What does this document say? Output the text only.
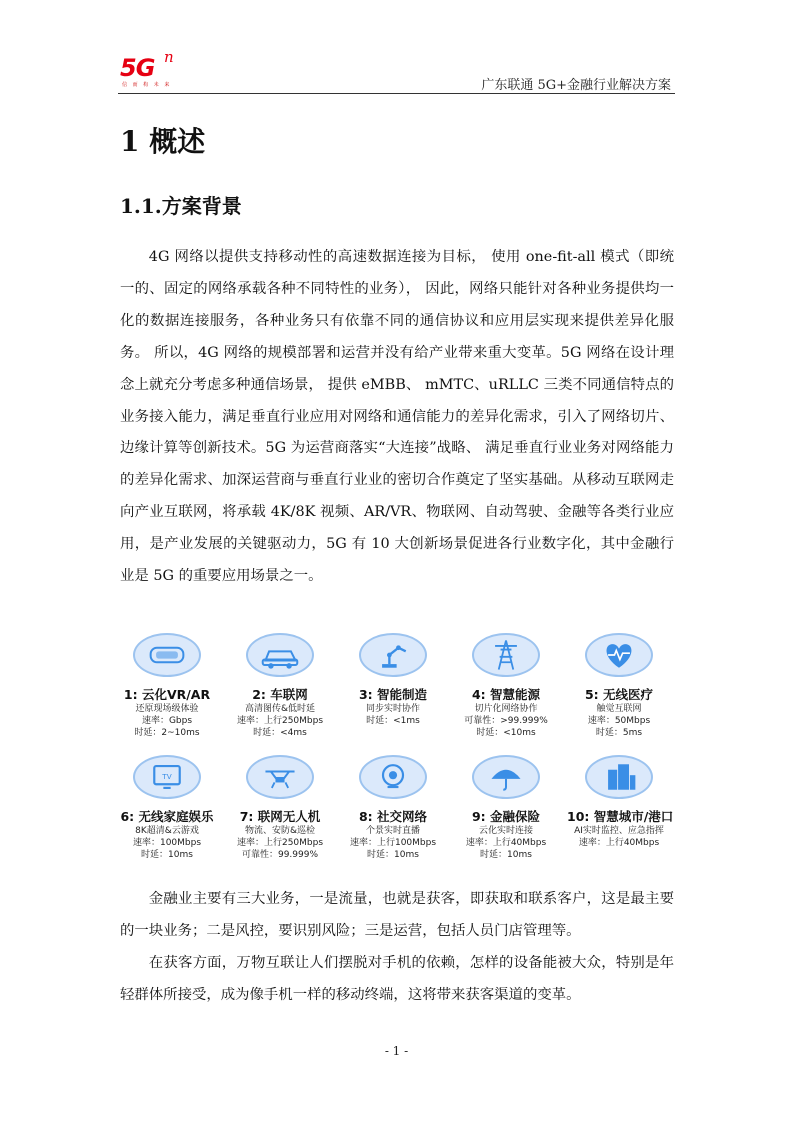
5G n
信 而 构 未 来	广东联通 5G+金融行业解决方案
1 概述
1.1.方案背景

4G 网络以提供支持移动性的高速数据连接为目标， 使用 one-fit-all 模式（即统一的、固定的网络承载各种不同特性的业务）， 因此，网络只能针对各种业务提供均一化的数据连接服务，各种业务只有依靠不同的通信协议和应用层实现来提供差异化服务。 所以，4G 网络的规模部署和运营并没有给产业带来重大变革。5G 网络在设计理念上就充分考虑多种通信场景， 提供 eMBB、 mMTC、uRLLC 三类不同通信特点的业务接入能力，满足垂直行业应用对网络和通信能力的差异化需求，引入了网络切片、 边缘计算等创新技术。5G 为运营商落实“大连接”战略、 满足垂直行业业务对网络能力的差异化需求、加深运营商与垂直行业业的密切合作奠定了坚实基础。从移动互联网走向产业互联网，将承载 4K/8K 视频、AR/VR、物联网、自动驾驶、金融等各类行业应用，是产业发展的关键驱动力，5G 有 10 大创新场景促进各行业数字化，其中金融行业是 5G 的重要应用场景之一。

1: 云化VR/AR
还原现场级体验
速率：Gbps
时延：2~10ms
2: 车联网
高清图传&低时延
速率：上行250Mbps
时延：<4ms
3: 智能制造
同步实时协作
时延：<1ms
4: 智慧能源
切片化网络协作
可靠性：>99.999%
时延：<10ms
5: 无线医疗
触觉互联网
速率：50Mbps
时延：5ms
TV
6: 无线家庭娱乐
8K超清&云游戏
速率：100Mbps
时延：10ms
7: 联网无人机
物流、安防&巡检
速率：上行250Mbps
可靠性：99.999%
8: 社交网络
个景实时直播
速率：上行100Mbps
时延：10ms
9: 金融保险
云化实时连接
速率：上行40Mbps
时延：10ms
10: 智慧城市/港口
AI实时监控、应急指挥
速率：上行40Mbps

金融业主要有三大业务，一是流量，也就是获客，即获取和联系客户，这是最主要的一块业务；二是风控，要识别风险；三是运营，包括人员门店管理等。

在获客方面，万物互联让人们摆脱对手机的依赖，怎样的设备能被大众，特别是年轻群体所接受，成为像手机一样的移动终端，这将带来获客渠道的变革。

- 1 -
